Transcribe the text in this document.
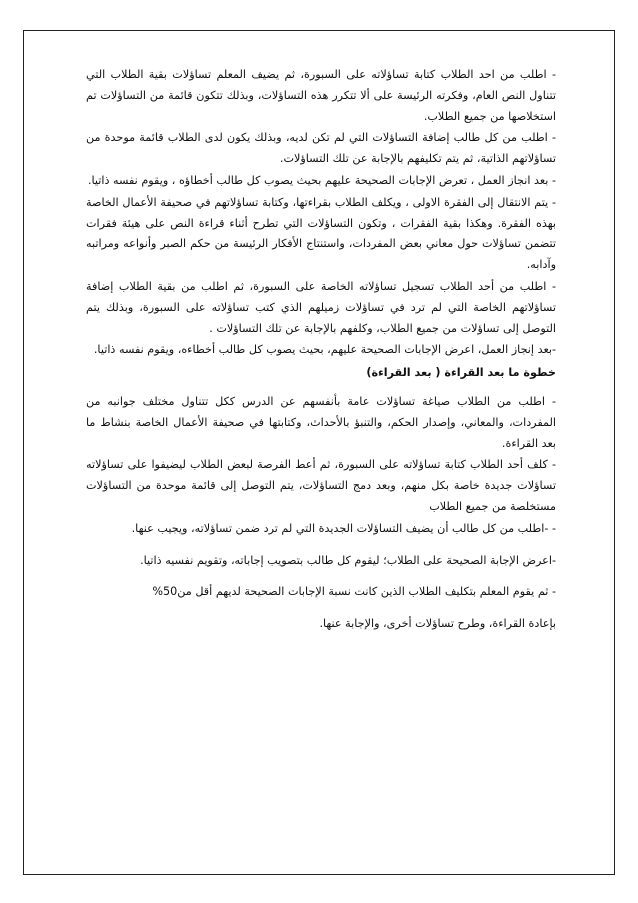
- اطلب من احد الطلاب كتابة تساؤلاته على السبورة، ثم يضيف المعلم تساؤلات بقية الطلاب التي تتناول النص العام، وفكرته الرئيسة على ألا تتكرر هذه التساؤلات، وبذلك تتكون قائمة من التساؤلات تم استخلاصها من جميع الطلاب.

- اطلب من كل طالب إضافة التساؤلات التي لم تكن لديه، وبذلك يكون لدى الطلاب قائمة موحدة من تساؤلاتهم الذاتية، ثم يتم تكليفهم بالإجابة عن تلك التساؤلات.

- بعد انجاز العمل ، تعرض الإجابات الصحيحة عليهم بحيث يصوب كل طالب أخطاؤه ، ويقوم نفسه ذاتيا.

- يتم الانتقال إلى الفقرة الاولى ، ويكلف الطلاب بقراءتها، وكتابة تساؤلاتهم في صحيفة الأعمال الخاصة بهذه الفقرة. وهكذا بقية الفقرات ، وتكون التساؤلات التي تطرح أثناء قراءة النص على هيئة فقرات تتضمن تساؤلات حول معاني بعض المفردات، واستنتاج الأفكار الرئيسة من حكم الصبر وأنواعه ومراتبه وآدابه.

- اطلب من أحد الطلاب تسجيل تساؤلاته الخاصة على السبورة، ثم اطلب من بقية الطلاب إضافة تساؤلاتهم الخاصة التي لم ترد في تساؤلات زميلهم الذي كتب تساؤلاته على السبورة، وبذلك يتم التوصل إلى تساؤلات من جميع الطلاب، وكلفهم بالإجابة عن تلك التساؤلات .

-بعد إنجاز العمل، اعرض الإجابات الصحيحة عليهم، بحيث يصوب كل طالب أخطاءه، ويقوم نفسه ذاتيا.

خطوة ما بعد القراءة ( بعد القراءة)

- اطلب من الطلاب صياغة تساؤلات عامة بأنفسهم عن الدرس ككل تتناول مختلف جوانبه من المفردات، والمعاني، وإصدار الحكم، والتنبؤ بالأحداث، وكتابتها في صحيفة الأعمال الخاصة بنشاط ما بعد القراءة.

- كلف أحد الطلاب كتابة تساؤلاته على السبورة، ثم أعط الفرصة لبعض الطلاب ليضيفوا على تساؤلاته تساؤلات جديدة خاصة بكل منهم، وبعد دمج التساؤلات، يتم التوصل إلى قائمة موحدة من التساؤلات مستخلصة من جميع الطلاب

- -اطلب من كل طالب أن يضيف التساؤلات الجديدة التي لم ترد ضمن تساؤلاته، ويجيب عنها.

-اعرض الإجابة الصحيحة على الطلاب؛ ليقوم كل طالب بتصويب إجاباته، وتقويم نفسيه ذاتيا.

- ثم يقوم المعلم بتكليف الطلاب الذين كانت نسبة الإجابات الصحيحة لديهم أقل من50%

بإعادة القراءة، وطرح تساؤلات أخرى، والإجابة عنها.
